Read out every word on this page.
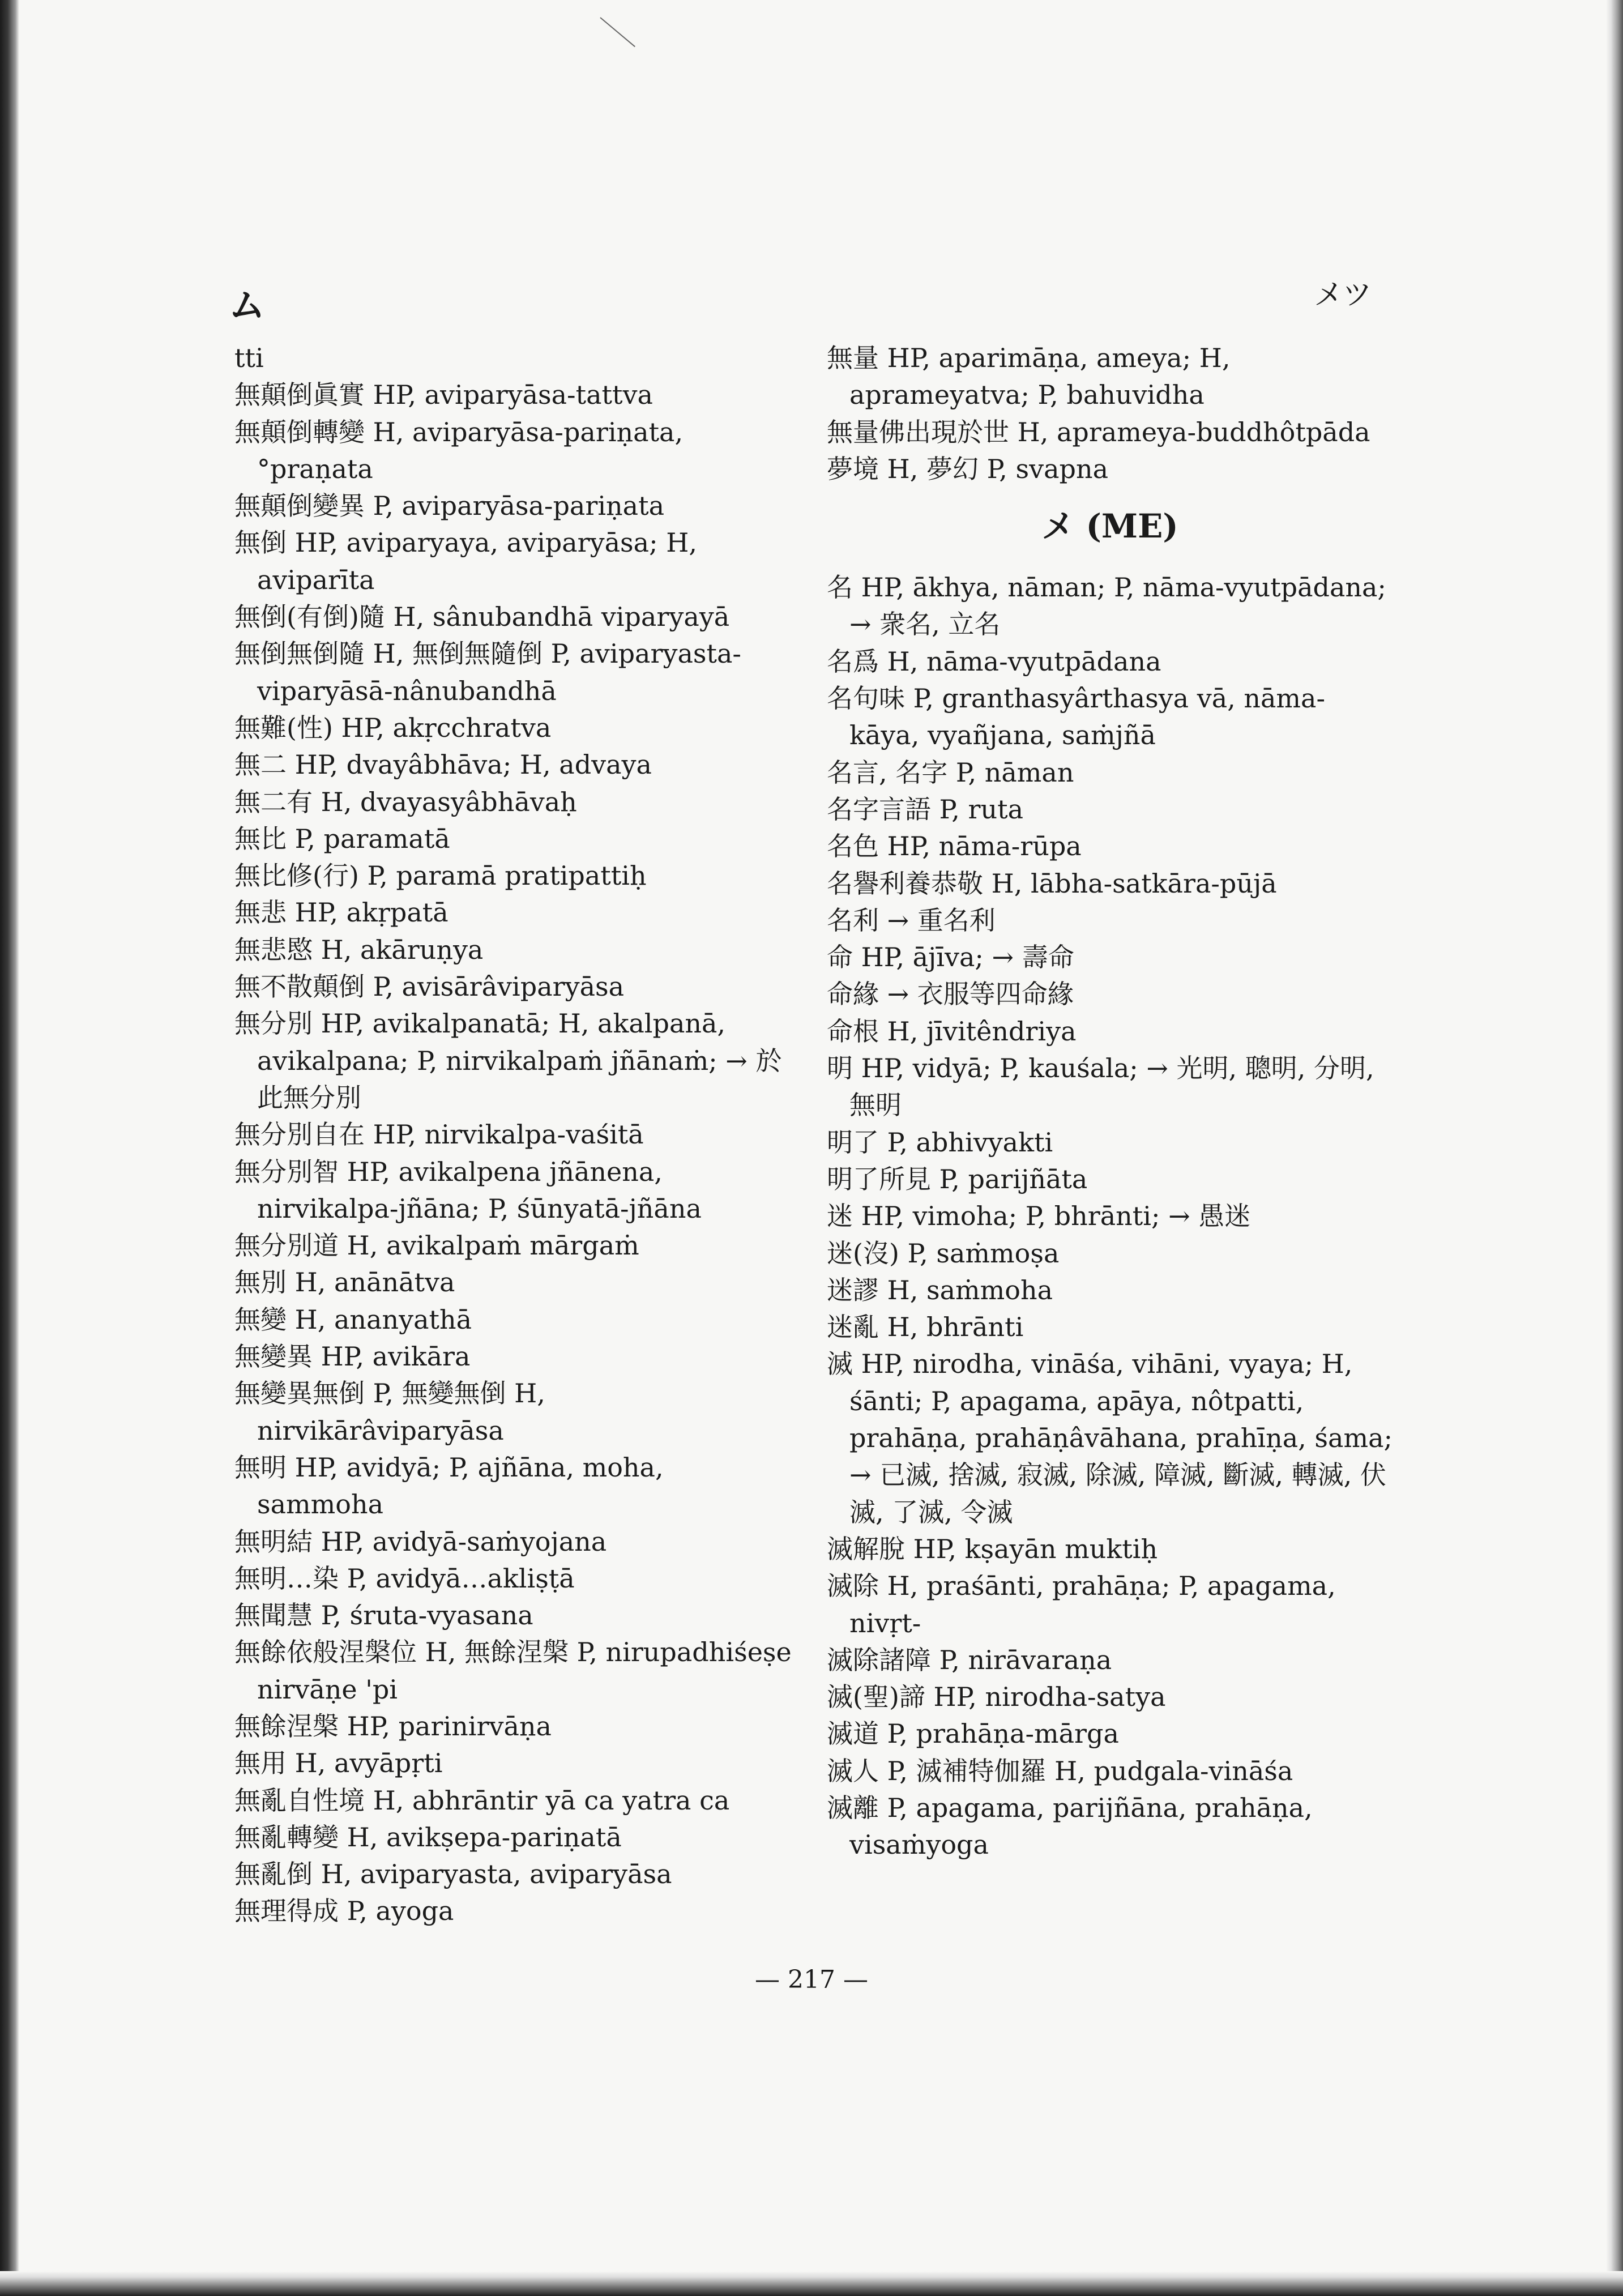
ム	メツ
tti
無顛倒眞實 HP, aviparyāsa-tattva
無顛倒轉變 H, aviparyāsa-pariṇata, °praṇata
無顛倒變異 P, aviparyāsa-pariṇata
無倒 HP, aviparyaya, aviparyāsa; H, aviparīta
無倒(有倒)隨 H, sânubandhā viparyayā
無倒無倒隨 H, 無倒無隨倒 P, aviparyasta-viparyāsā-nânubandhā
無難(性) HP, akṛcchratva
無二 HP, dvayâbhāva; H, advaya
無二有 H, dvayasyâbhāvaḥ
無比 P, paramatā
無比修(行) P, paramā pratipattiḥ
無悲 HP, akṛpatā
無悲愍 H, akāruṇya
無不散顛倒 P, avisārâviparyāsa
無分別 HP, avikalpanatā; H, akalpanā, avikalpana; P, nirvikalpaṁ jñānaṁ; → 於此無分別
無分別自在 HP, nirvikalpa-vaśitā
無分別智 HP, avikalpena jñānena, nirvikalpa-jñāna; P, śūnyatā-jñāna
無分別道 H, avikalpaṁ mārgaṁ
無別 H, anānātva
無變 H, ananyathā
無變異 HP, avikāra
無變異無倒 P, 無變無倒 H, nirvikārâviparyāsa
無明 HP, avidyā; P, ajñāna, moha, sammoha
無明結 HP, avidyā-saṁyojana
無明…染 P, avidyā…akliṣṭā
無聞慧 P, śruta-vyasana
無餘依般涅槃位 H, 無餘涅槃 P, nirupadhiśeṣe nirvāṇe 'pi
無餘涅槃 HP, parinirvāṇa
無用 H, avyāpṛti
無亂自性境 H, abhrāntir yā ca yatra ca
無亂轉變 H, avikṣepa-pariṇatā
無亂倒 H, aviparyasta, aviparyāsa
無理得成 P, ayoga
無量 HP, aparimāṇa, ameya; H, aprameyatva; P, bahuvidha
無量佛出現於世 H, aprameya-buddhôtpāda
夢境 H, 夢幻 P, svapna
メ (ME)
名 HP, ākhya, nāman; P, nāma-vyutpādana; → 衆名, 立名
名爲 H, nāma-vyutpādana
名句味 P, granthasyârthasya vā, nāma-kāya, vyañjana, saṁjñā
名言, 名字 P, nāman
名字言語 P, ruta
名色 HP, nāma-rūpa
名譽利養恭敬 H, lābha-satkāra-pūjā
名利 → 重名利
命 HP, ājīva; → 壽命
命緣 → 衣服等四命緣
命根 H, jīvitêndriya
明 HP, vidyā; P, kauśala; → 光明, 聰明, 分明, 無明
明了 P, abhivyakti
明了所見 P, parijñāta
迷 HP, vimoha; P, bhrānti; → 愚迷
迷(沒) P, saṁmoṣa
迷謬 H, saṁmoha
迷亂 H, bhrānti
滅 HP, nirodha, vināśa, vihāni, vyaya; H, śānti; P, apagama, apāya, nôtpatti, prahāṇa, prahāṇâvāhana, prahīṇa, śama; → 已滅, 捨滅, 寂滅, 除滅, 障滅, 斷滅, 轉滅, 伏滅, 了滅, 令滅
滅解脫 HP, kṣayān muktiḥ
滅除 H, praśānti, prahāṇa; P, apagama, nivṛt-
滅除諸障 P, nirāvaraṇa
滅(聖)諦 HP, nirodha-satya
滅道 P, prahāṇa-mārga
滅人 P, 滅補特伽羅 H, pudgala-vināśa
滅離 P, apagama, parijñāna, prahāṇa, visaṁyoga
— 217 —
